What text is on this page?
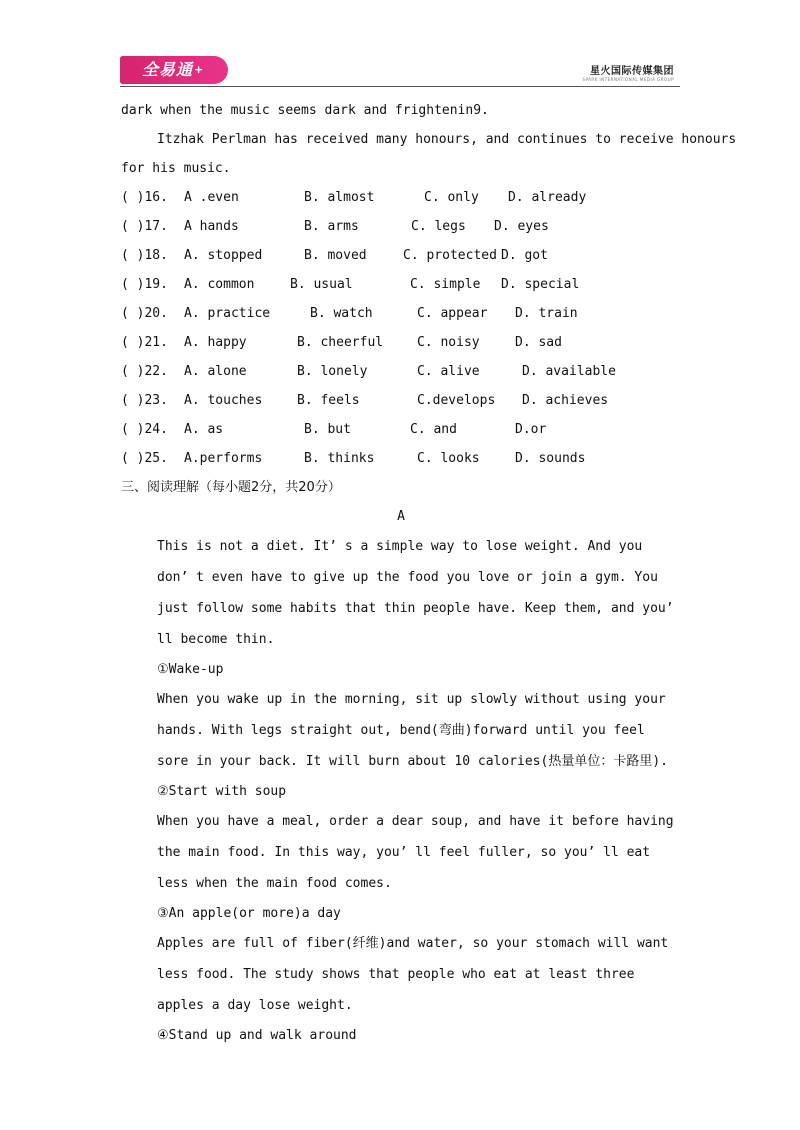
全易通+	星火国际传媒集团
SPARK INTERNATIONAL MEDIA GROUP
dark when the music seems dark and frightenin9.
Itzhak Perlman has received many honours, and continues to receive honours
for his music.
( )16. A .even	B. almost	C. only D. already
( )17. A hands	B. arms	C. legs D. eyes
( )18. A. stopped	B. moved	C. protected D. got
( )19. A. common	B. usual	C. simple D. special
( )20. A. practice	B. watch	C. appear D. train
( )21. A. happy	B. cheerful	C. noisy	D. sad
( )22. A. alone	B. lonely	C. alive	D. available
( )23. A. touches	B. feels	C.develops D. achieves
( )24. A. as	B. but	C. and	D.or
( )25. A.performs	B. thinks	C. looks	D. sounds
三、阅读理解（每小题2分，共20分）
A
This is not a diet. It’ s a simple way to lose weight. And you don’ t even have to give up the food you love or join a gym. You just follow some habits that thin people have. Keep them, and you’ ll become thin.
①Wake-up
When you wake up in the morning, sit up slowly without using your hands. With legs straight out, bend(弯曲)forward until you feel sore in your back. It will burn about 10 calories(热量单位：卡路里).
②Start with soup
When you have a meal, order a dear soup, and have it before having the main food. In this way, you’ ll feel fuller, so you’ ll eat less when the main food comes.
③An apple(or more)a day
Apples are full of fiber(纤维)and water, so your stomach will want less food. The study shows that people who eat at least three apples a day lose weight.
④Stand up and walk around
